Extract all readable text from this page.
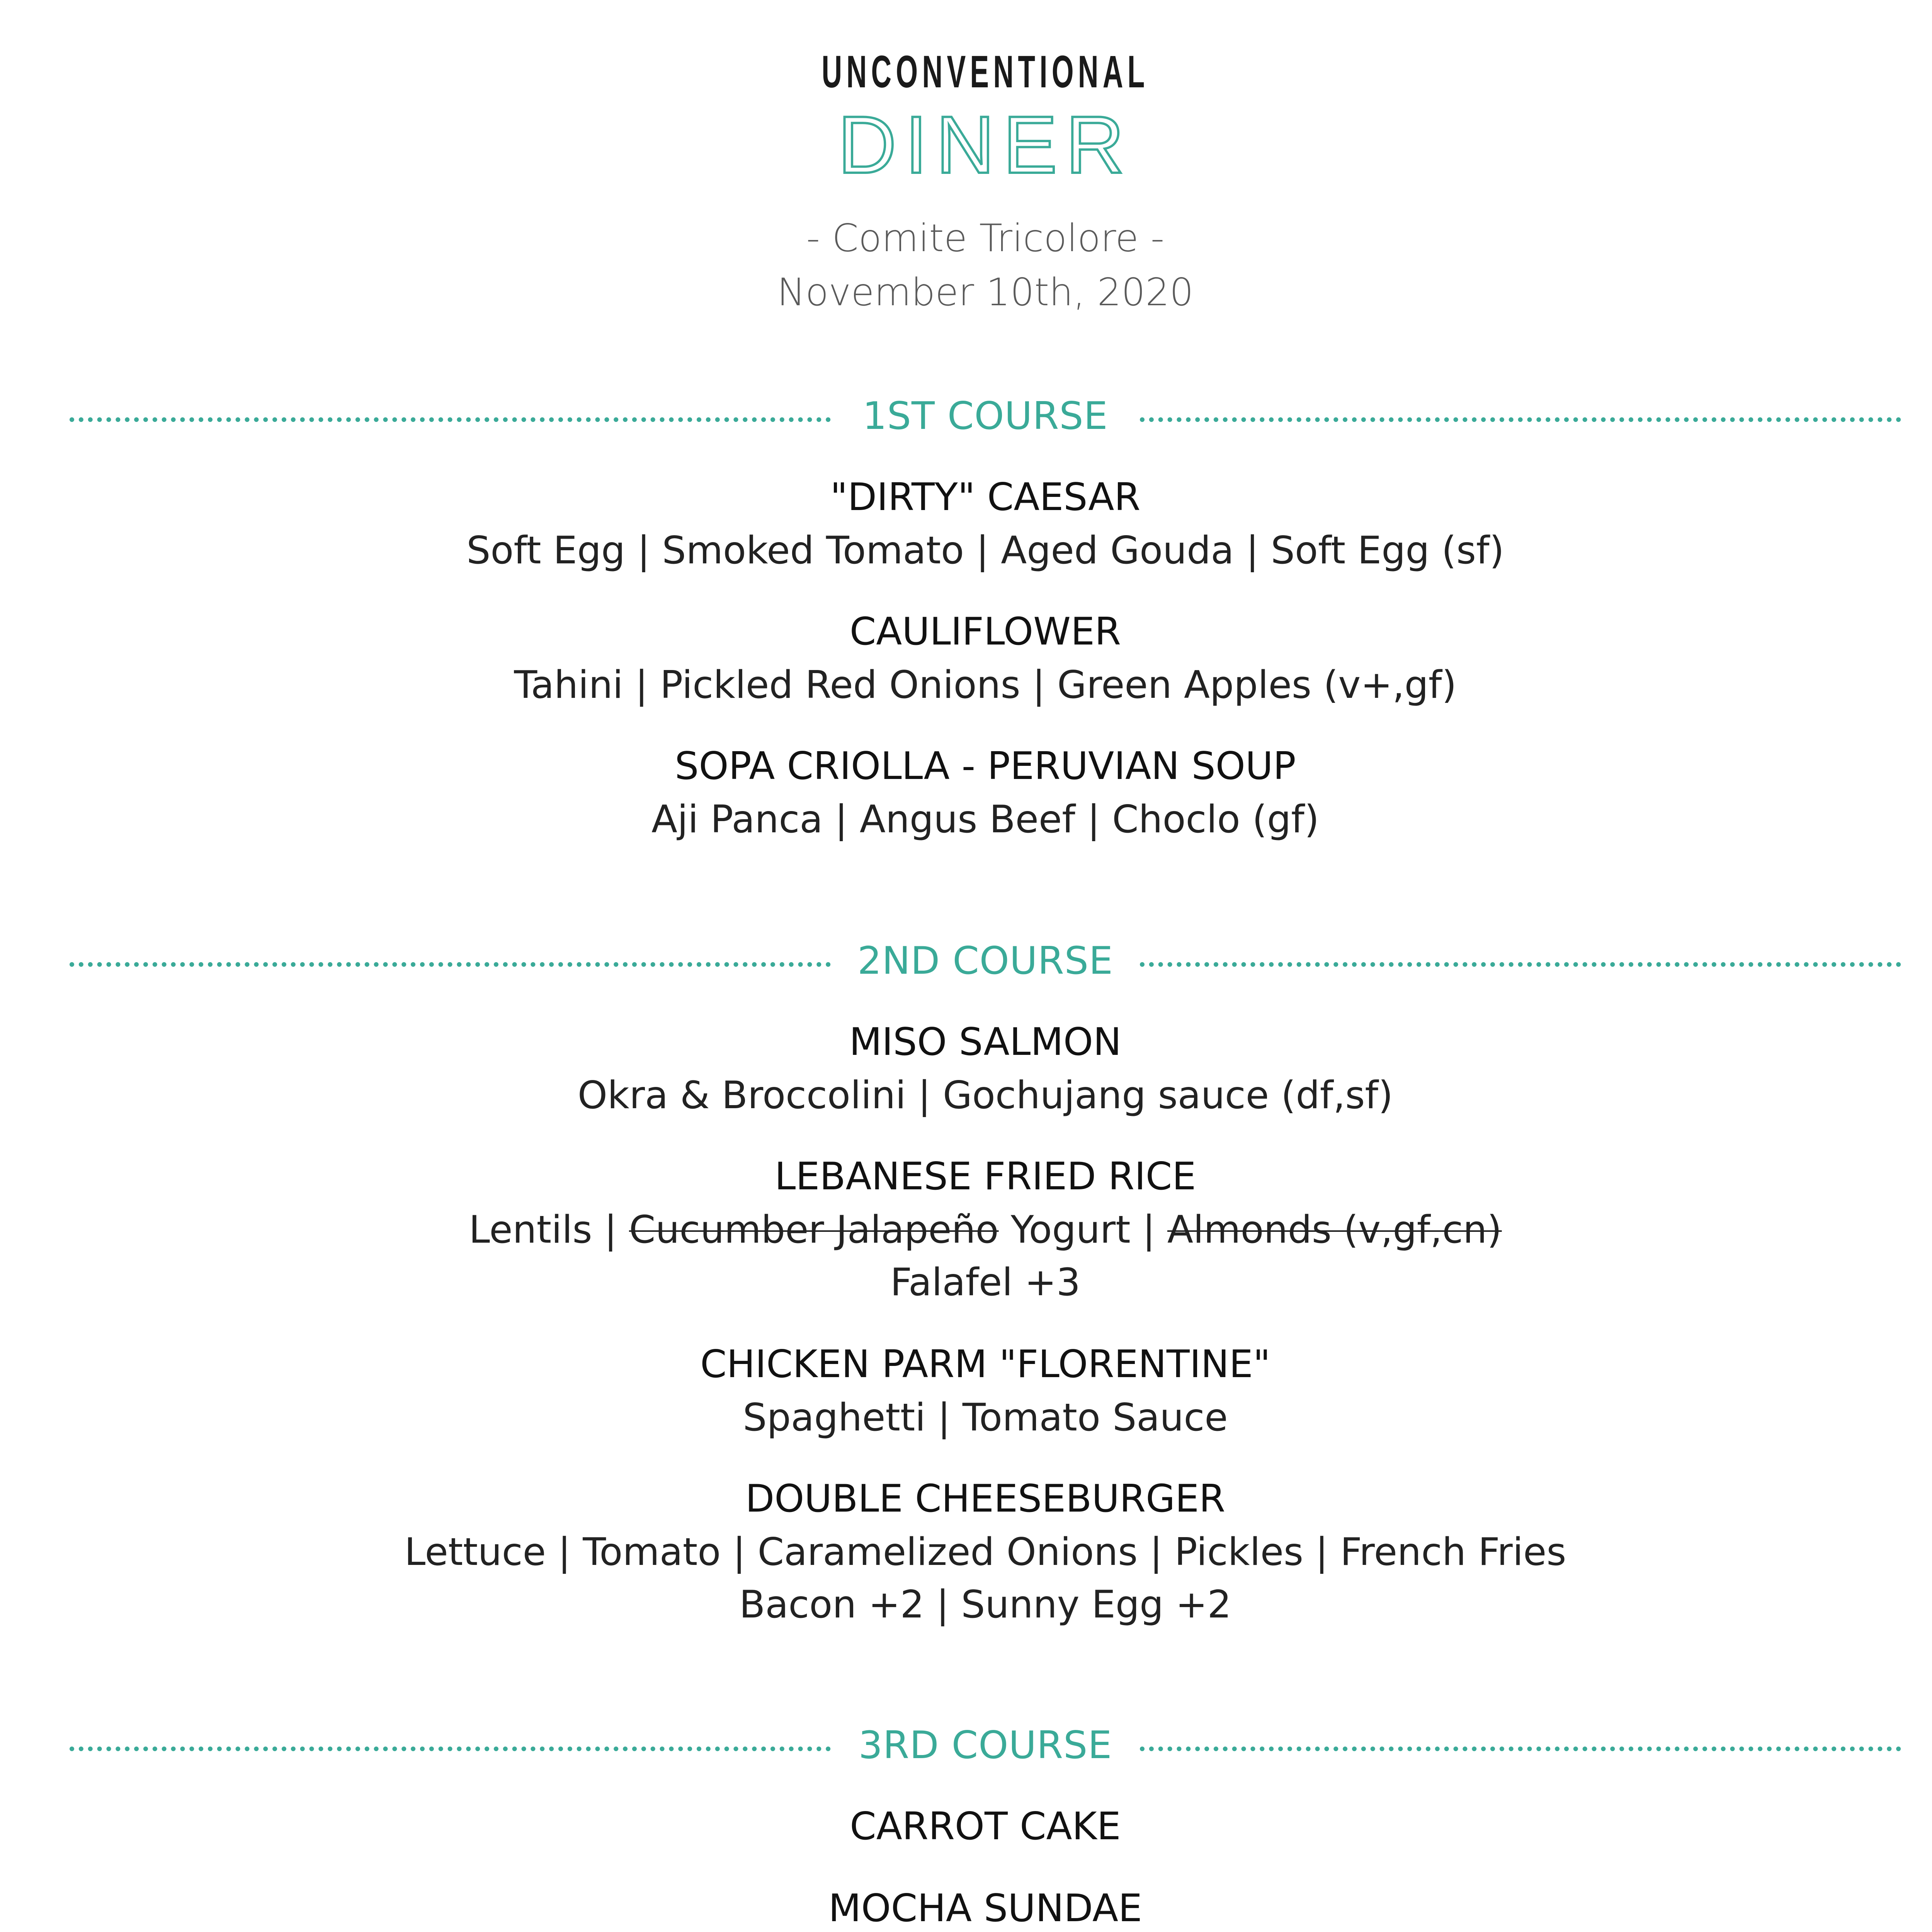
UNCONVENTIONAL
DINER
- Comite Tricolore -
November 10th, 2020
1ST COURSE
"DIRTY" CAESAR
Soft Egg | Smoked Tomato | Aged Gouda | Soft Egg (sf)
CAULIFLOWER
Tahini | Pickled Red Onions | Green Apples (v+,gf)
SOPA CRIOLLA - PERUVIAN SOUP
Aji Panca | Angus Beef | Choclo (gf)
2ND COURSE
MISO SALMON
Okra & Broccolini | Gochujang sauce (df,sf)
LEBANESE FRIED RICE
Lentils | Cucumber Jalapeño Yogurt | Almonds (v,gf,cn)
Falafel +3
CHICKEN PARM "FLORENTINE"
Spaghetti | Tomato Sauce
DOUBLE CHEESEBURGER
Lettuce | Tomato | Caramelized Onions | Pickles | French Fries
Bacon +2 | Sunny Egg +2
3RD COURSE
CARROT CAKE
MOCHA SUNDAE
